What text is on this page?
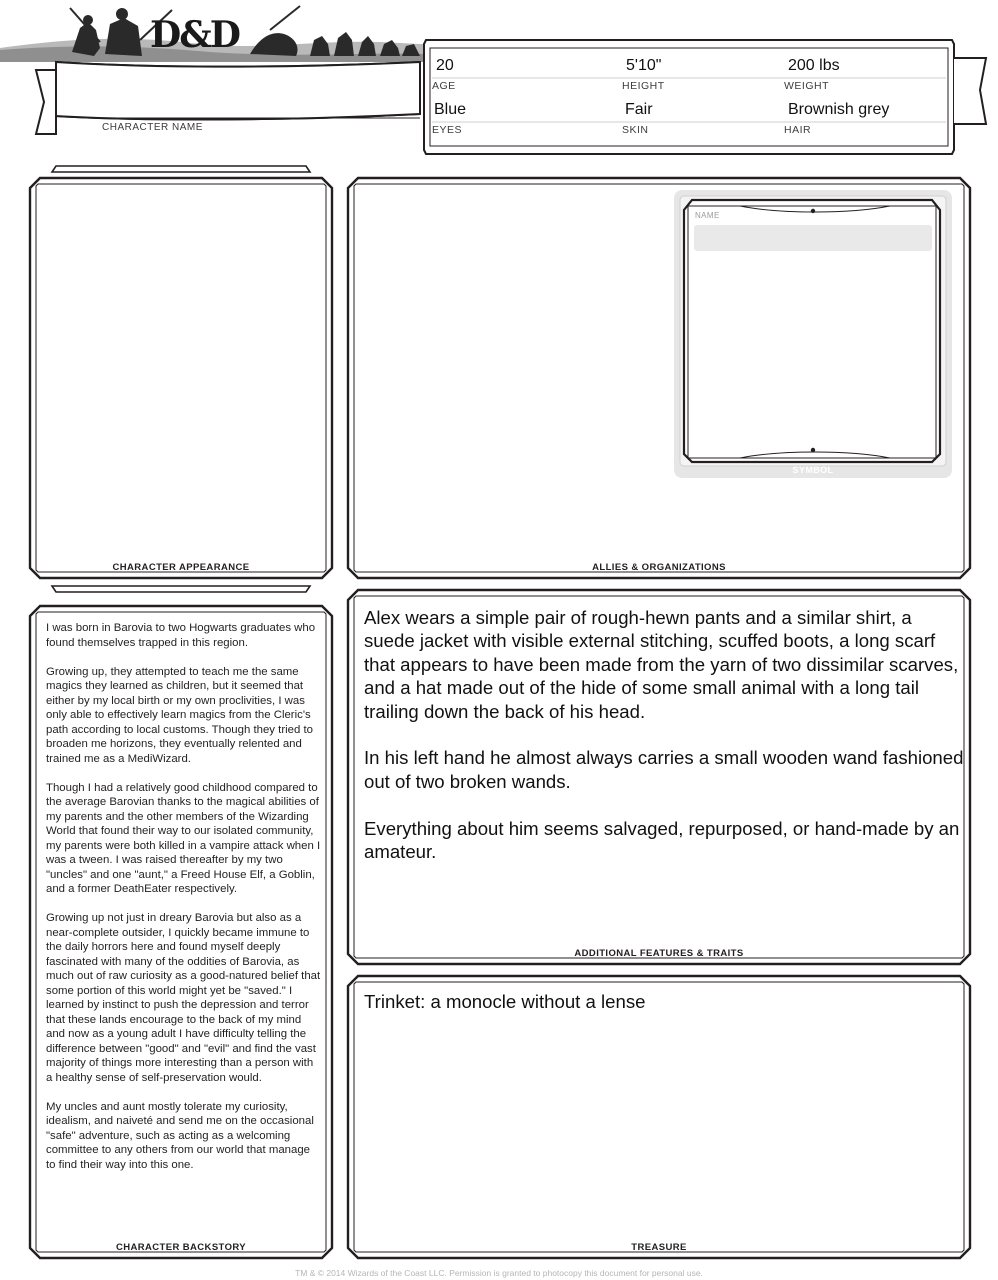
D&D
CHARACTER NAME
20
AGE
5'10"
HEIGHT
200 lbs
WEIGHT
Blue
EYES
Fair
SKIN
Brownish grey
HAIR
NAME
SYMBOL
CHARACTER APPEARANCE	ALLIES & ORGANIZATIONS
CHARACTER BACKSTORY
ADDITIONAL FEATURES & TRAITS
TREASURE

I was born in Barovia to two Hogwarts graduates who found themselves trapped in this region.

Growing up, they attempted to teach me the same magics they learned as children, but it seemed that either by my local birth or my own proclivities, I was only able to effectively learn magics from the Cleric's path according to local customs. Though they tried to broaden me horizons, they eventually relented and trained me as a MediWizard.

Though I had a relatively good childhood compared to the average Barovian thanks to the magical abilities of my parents and the other members of the Wizarding World that found their way to our isolated community, my parents were both killed in a vampire attack when I was a tween. I was raised thereafter by my two "uncles" and one "aunt," a Freed House Elf, a Goblin, and a former DeathEater respectively.

Growing up not just in dreary Barovia but also as a near-complete outsider, I quickly became immune to the daily horrors here and found myself deeply fascinated with many of the oddities of Barovia, as much out of raw curiosity as a good-natured belief that some portion of this world might yet be "saved." I learned by instinct to push the depression and terror that these lands encourage to the back of my mind and now as a young adult I have difficulty telling the difference between "good" and "evil" and find the vast majority of things more interesting than a person with a healthy sense of self-preservation would.

My uncles and aunt mostly tolerate my curiosity, idealism, and naiveté and send me on the occasional "safe" adventure, such as acting as a welcoming committee to any others from our world that manage to find their way into this one.

Alex wears a simple pair of rough-hewn pants and a similar shirt, a suede jacket with visible external stitching, scuffed boots, a long scarf that appears to have been made from the yarn of two dissimilar scarves, and a hat made out of the hide of some small animal with a long tail trailing down the back of his head.

In his left hand he almost always carries a small wooden wand fashioned out of two broken wands.

Everything about him seems salvaged, repurposed, or hand-made by an amateur.

Trinket: a monocle without a lense
TM & © 2014 Wizards of the Coast LLC. Permission is granted to photocopy this document for personal use.
